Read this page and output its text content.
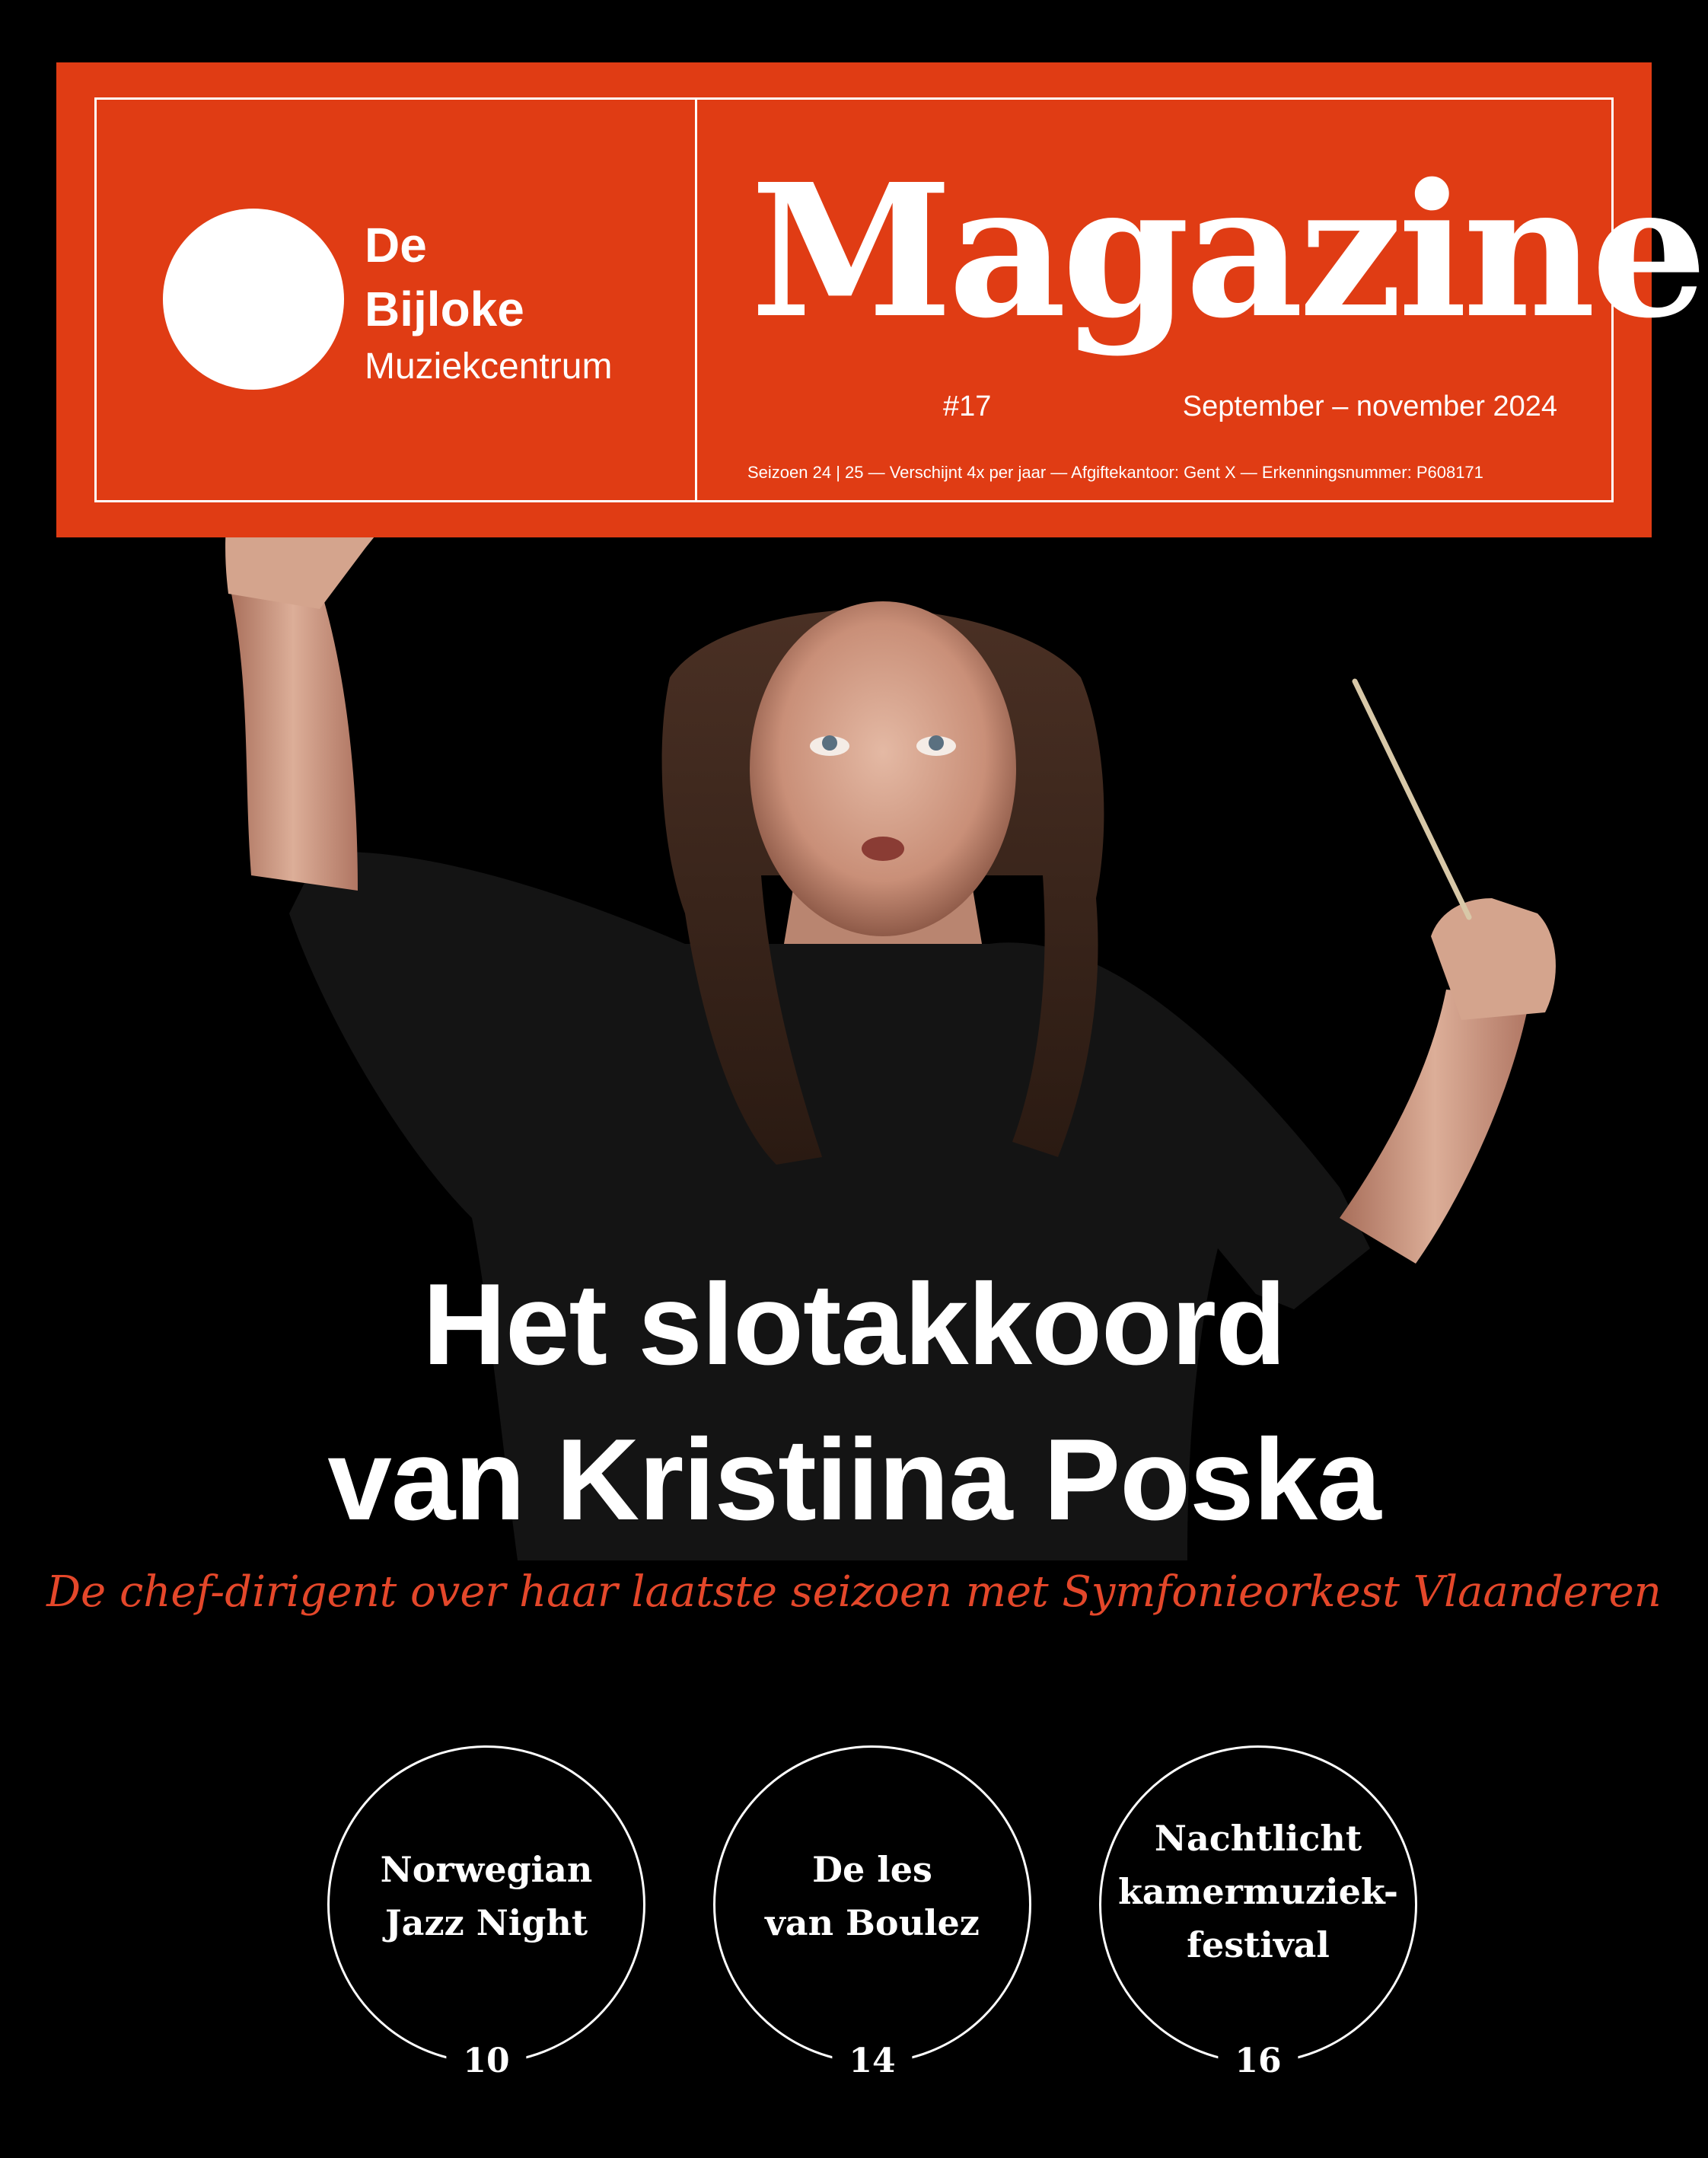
De
Bijloke
Muziekcentrum
Magazine
#17	September – november 2024
Seizoen 24 | 25 — Verschijnt 4x per jaar — Afgiftekantoor: Gent X — Erkenningsnummer: P608171
Het slotakkoord
van Kristiina Poska
De chef-dirigent over haar laatste seizoen met Symfonieorkest Vlaanderen
Norwegian
Jazz Night
10
De les
van Boulez
14
Nachtlicht
kamermuziek-
festival
16
